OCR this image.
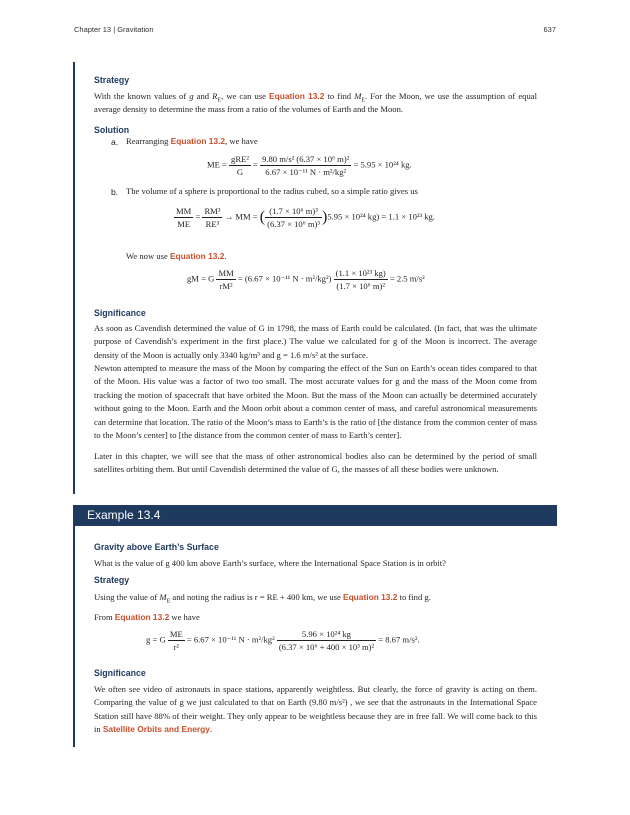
Chapter 13 | Gravitation	637
Strategy
With the known values of g and $R_E$, we can use Equation 13.2 to find $M_E$. For the Moon, we use the assumption of equal average density to determine the mass from a ratio of the volumes of Earth and the Moon.
Solution
a. Rearranging Equation 13.2, we have
ME = $\frac{\text{gRE²}}{G} = \frac{\text{9.80 m/s² (6.37 × 10⁶ m)²}}{\text{6.67 × 10⁻¹¹ N · m²/kg²}} = 5.95 \times 10^{24}$ kg.
b. The volume of a sphere is proportional to the radius cubed, so a simple ratio gives us
$\frac{MM}{ME} = \frac{\text{RM³}}{\text{RE³}}$ → MM = ( $\frac{\text{(1.7 × 10⁶ m)³}}{\text{(6.37 × 10⁶ m)³}} )5.95 \times 10^{24}$ kg) = 1.1 × 10²³ kg.
We now use Equation 13.2.
gM = G $\frac{MM}{\text{rM²}} = (6.67 \times 10^{-11}$ $N \cdot m^2/kg^2) \frac{\text{(1.1 × 10²³ kg)}}{\text{(1.7 × 10⁶ m)²}} = 2.5$ m/s²
Significance
As soon as Cavendish determined the value of G in 1798, the mass of Earth could be calculated. (In fact, that was the ultimate purpose of Cavendish’s experiment in the first place.) The value we calculated for g of the Moon is incorrect. The average density of the Moon is actually only 3340 kg/m³ and g = 1.6 m/s² at the surface.
Newton attempted to measure the mass of the Moon by comparing the effect of the Sun on Earth’s ocean tides compared to that of the Moon. His value was a factor of two too small. The most accurate values for g and the mass of the Moon come from tracking the motion of spacecraft that have orbited the Moon. But the mass of the Moon can actually be determined accurately without going to the Moon. Earth and the Moon orbit about a common center of mass, and careful astronomical measurements can determine that location. The ratio of the Moon’s mass to Earth’s is the ratio of [the distance from the common center of mass to the Moon’s center] to [the distance from the common center of mass to Earth’s center].
Later in this chapter, we will see that the mass of other astronomical bodies also can be determined by the period of small satellites orbiting them. But until Cavendish determined the value of G, the masses of all these bodies were unknown.
Example 13.4
Gravity above Earth’s Surface
What is the value of g 400 km above Earth’s surface, where the International Space Station is in orbit?
Strategy
Using the value of $M_E$ and noting the radius is r = RE + 400 km, we use Equation 13.2 to find g.
From Equation 13.2 we have
g = G $\frac{ME}{\text{r²}} = 6.67 \times 10^{-11}$ $N \cdot m^2/kg^2 \frac{\text{5.96 × 10²⁴ kg}}{\text{(6.37 × 10⁶ + 400 × 10³ m)²}} = 8.67$ m/s².
Significance
We often see video of astronauts in space stations, apparently weightless. But clearly, the force of gravity is acting on them. Comparing the value of g we just calculated to that on Earth (9.80 m/s²) , we see that the astronauts in the International Space Station still have 88% of their weight. They only appear to be weightless because they are in free fall. We will come back to this in Satellite Orbits and Energy.
